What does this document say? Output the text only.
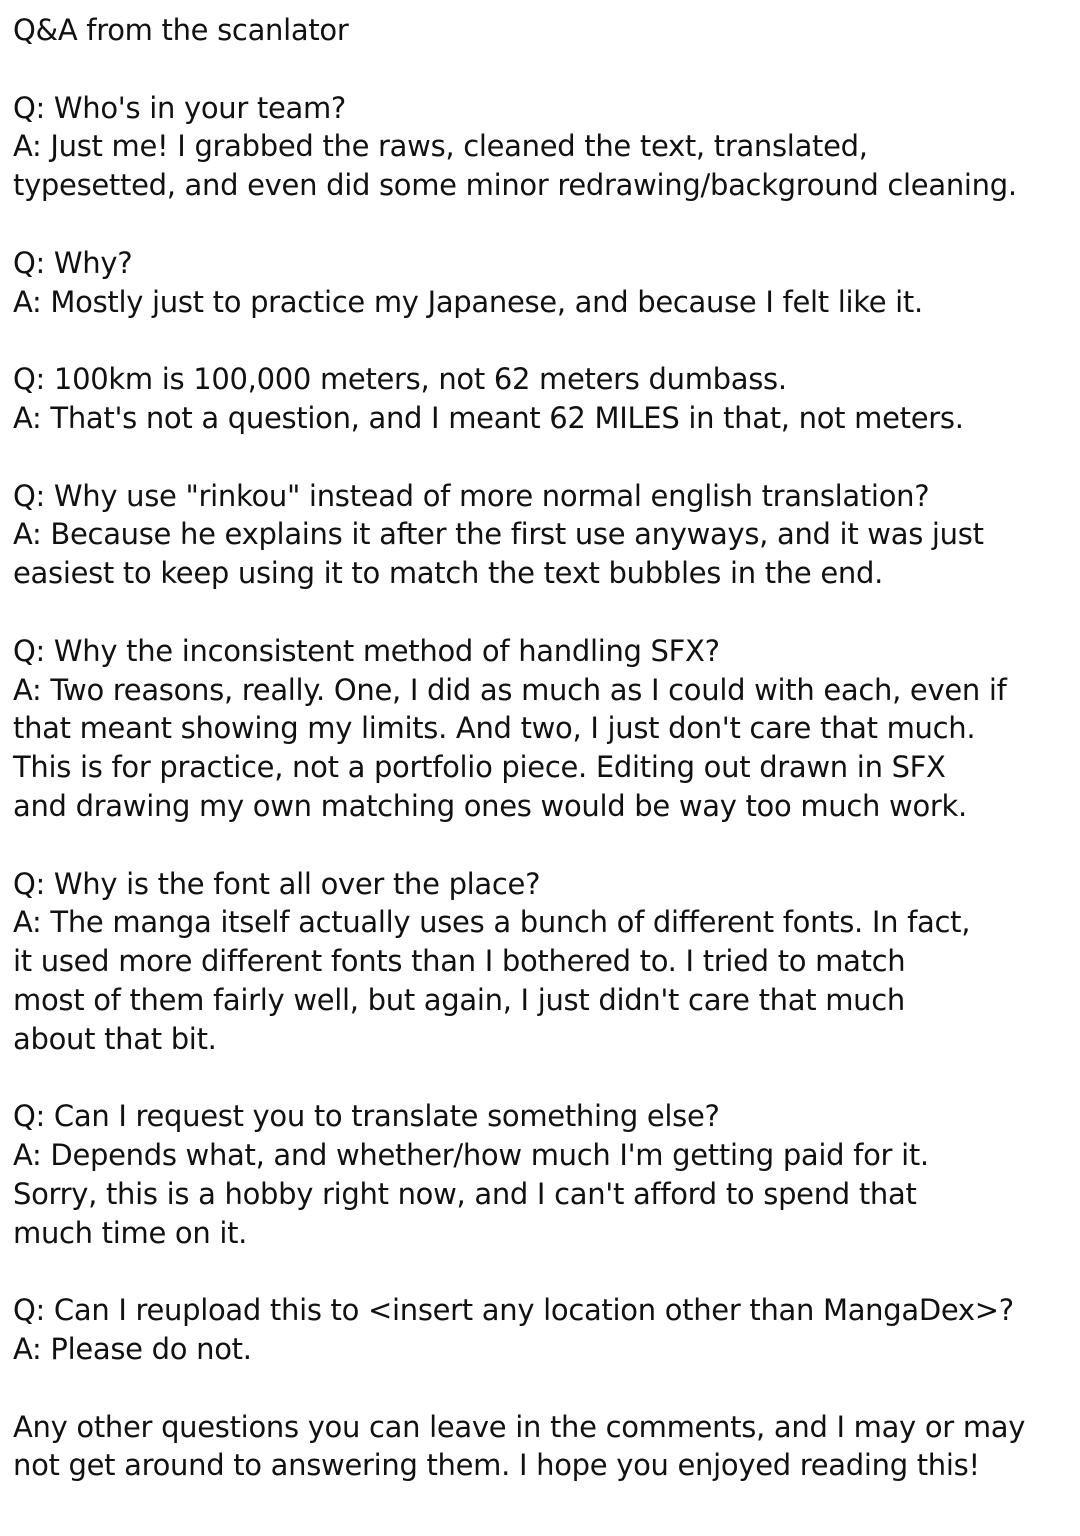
Q&A from the scanlator
Q: Who's in your team?
A: Just me! I grabbed the raws, cleaned the text, translated,
typesetted, and even did some minor redrawing/background cleaning.
Q: Why?
A: Mostly just to practice my Japanese, and because I felt like it.
Q: 100km is 100,000 meters, not 62 meters dumbass.
A: That's not a question, and I meant 62 MILES in that, not meters.
Q: Why use "rinkou" instead of more normal english translation?
A: Because he explains it after the first use anyways, and it was just
easiest to keep using it to match the text bubbles in the end.
Q: Why the inconsistent method of handling SFX?
A: Two reasons, really. One, I did as much as I could with each, even if
that meant showing my limits. And two, I just don't care that much.
This is for practice, not a portfolio piece. Editing out drawn in SFX
and drawing my own matching ones would be way too much work.
Q: Why is the font all over the place?
A: The manga itself actually uses a bunch of different fonts. In fact,
it used more different fonts than I bothered to. I tried to match
most of them fairly well, but again, I just didn't care that much
about that bit.
Q: Can I request you to translate something else?
A: Depends what, and whether/how much I'm getting paid for it.
Sorry, this is a hobby right now, and I can't afford to spend that
much time on it.
Q: Can I reupload this to <insert any location other than MangaDex>?
A: Please do not.
Any other questions you can leave in the comments, and I may or may
not get around to answering them. I hope you enjoyed reading this!
